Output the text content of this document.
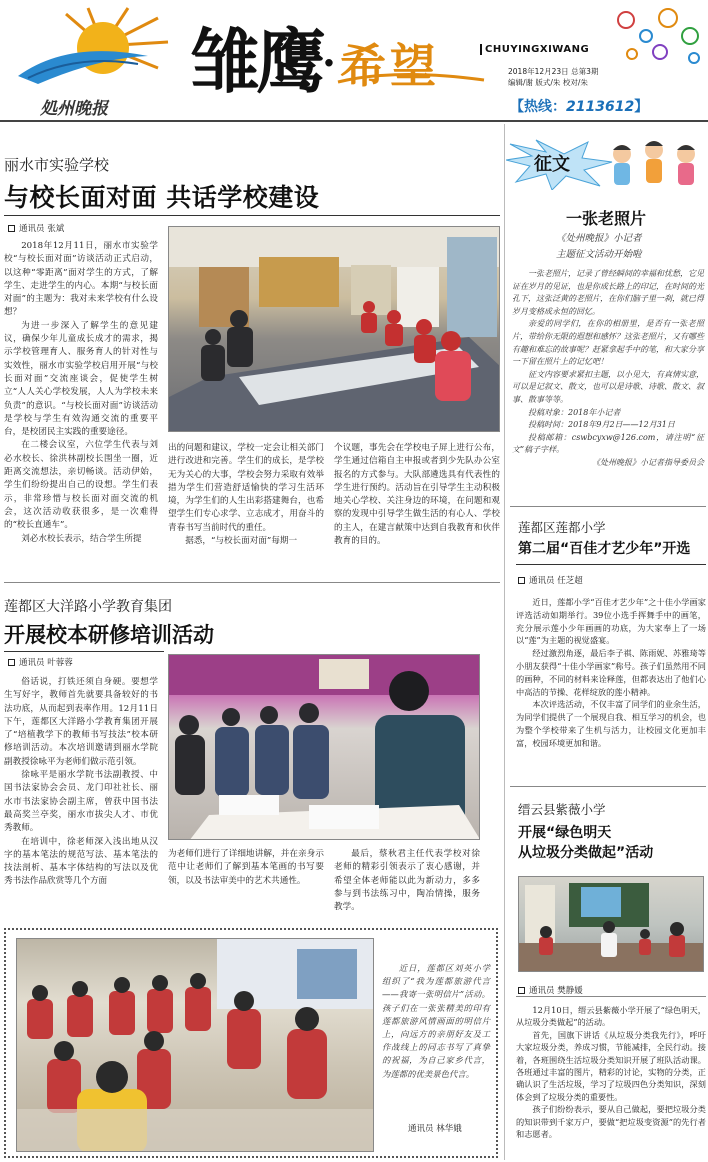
処州晚报
雏鹰 · 希望	CHUYINGXIWANG
2018年12月23日 总第3期
编辑/谢 版式/朱 校对/朱
【热线：2113612】
丽水市实验学校
与校长面对面 共话学校建设
通讯员 张斌

2018年12月11日，丽水市实验学校“与校长面对面”访谈活动正式启动，以这种“零距离”面对学生的方式，了解学生、走进学生的内心。本期“与校长面对面”的主题为：我对未来学校有什么设想？

为进一步深入了解学生的意见建议，确保少年儿童成长成才的需求，揭示学校管理育人、服务育人的针对性与实效性，丽水市实验学校启用开展“与校长面对面”交流座谈会，促使学生树立“人人关心学校发展，人人为学校未来负责”的意识。“与校长面对面”访谈活动是学校与学生有效沟通交流的重要平台，是校团民主实践的重要途径。

在二楼会议室，六位学生代表与刘必水校长、徐洪林副校长围坐一圈，近距离交流想法，亲切畅谈。活动伊始，学生们纷纷提出自己的设想。学生们表示，非常珍惜与校长面对面交流的机会，这次活动收获很多，是一次难得的“校长直通车”。

刘必水校长表示，结合学生所提

出的问题和建议，学校一定会让相关部门进行改进和完善。学生们的成长，是学校无为关心的大事，学校会努力采取有效举措为学生们营造舒适愉快的学习生活环境，为学生们的人生出彩搭建舞台，也希望学生们专心求学、立志成才，用奋斗的青春书写当前时代的重任。

据悉，“与校长面对面”每期一

个议题，事先会在学校电子屏上进行公布，学生通过信箱自主申报或者到少先队办公室报名的方式参与。大队部遴选具有代表性的学生进行预约。活动旨在引导学生主动积极地关心学校、关注身边的环境，在问题和观察的发现中引导学生做生活的有心人、学校的主人，在建言献策中达到自我教育和伙伴教育的目的。

莲都区大洋路小学教育集团
开展校本研修培训活动
通讯员 叶蓉蓉

俗话说，打铁还须自身硬。要想学生写好字，教师首先就要具备较好的书法功底，从而起到表率作用。12月11日下午，莲都区大洋路小学教育集团开展了“培植教学下的教师书写技法”校本研修培训活动。本次培训邀请到丽水学院副教授徐咏平为老师们做示范引领。

徐咏平是丽水学院书法副教授、中国书法家协会会员、龙门印社社长、丽水市书法家协会副主席，曾获中国书法最高奖兰亭奖，丽水市拔尖人才、市优秀教师。

在培训中，徐老师深入浅出地从汉字的基本笔法的规范写法、基本笔法的技法剖析、基本字体结构的写法以及优秀书法作品欣赏等几个方面

为老师们进行了详细地讲解，并在亲身示范中让老师们了解到基本笔画的书写要领，以及书法审美中的艺术共通性。

最后，蔡秋君主任代表学校对徐老师的精彩引领表示了衷心感谢，并希望全体老师能以此为新动力，多多参与到书法练习中，陶冶情操，服务教学。

近日，莲都区刘英小学组织了“我为莲都旅游代言——我寄一张明信片”活动。孩子们在一张张精美的印有莲都旅游风情画面的明信片上，向远方的亲朋好友及工作战线上的同志书写了真挚的祝福，为自己家乡代言，为莲都的优美景色代言。

通讯员 林华娥
征文
一张老照片
《处州晚报》小记者
主题征文活动开始啦

一张老照片，记录了曾经瞬间的幸福和忧愁，它见证在岁月的见证，也是你成长路上的印记，在时间的光孔下，这张泛黄的老照片，在你们脑子里一刹，就已得岁月变格成永恒的回忆。

亲爱的同学们，在你的相册里，是否有一张老照片，带给你无限的遐想和感怀？这张老照片，又有哪些有趣和难忘的故事呢？赶紧拿起手中的笔，和大家分享一下留在照片上的记忆吧！

征文内容要求紧扣主题，以小见大，有真情实意，可以是记叙文、散文，也可以是诗歌、诗歌、散文、叙事、散事等等。

投稿对象：2018年小记者

投稿时间：2018年9月2日——12月31日

投稿邮箱：cswbcyxw@126.com，请注明“征文”稿子字样。

《处州晚报》小记者指导委员会

莲都区莲都小学
第二届“百佳才艺少年”开选
通讯员 任芝超

近日，莲都小学“百佳才艺少年”之十佳小学画家评选活动如期举行。39位小选手挥舞手中的画笔，充分展示莲小少年画画的功底，为大家奉上了一场以“莲”为主题的视觉盛宴。

经过激烈角逐，最后李子祺、陈雨妮、苏雅琦等小朋友获得“十佳小学画家”称号。孩子们虽然用不同的画种，不同的材料来诠释莲，但都表达出了他们心中高洁的节操、花样绽放的莲小精神。

本次评选活动，不仅丰富了同学们的业余生活，为同学们提供了一个展现自我、相互学习的机会，也为整个学校带来了生机与活力，让校园文化更加丰富，校园环境更加和谐。

缙云县紫薇小学
开展“绿色明天
从垃圾分类做起”活动
通讯员 樊静媛

12月10日，缙云县紫薇小学开展了“绿色明天，从垃圾分类做起”的活动。

首先，国旗下讲话《从垃圾分类我先行》，呼吁大家垃圾分类，养成习惯，节能减排，全民行动。接着，各班围绕生活垃圾分类知识开展了班队活动课。各班通过丰富的图片，精彩的讨论，实物的分类，正确认识了生活垃圾，学习了垃圾四色分类知识，深刻体会到了垃圾分类的重要性。

孩子们纷纷表示，要从自己做起，要把垃圾分类的知识带到千家万户，要做“把垃圾变资源”的先行者和志愿者。
